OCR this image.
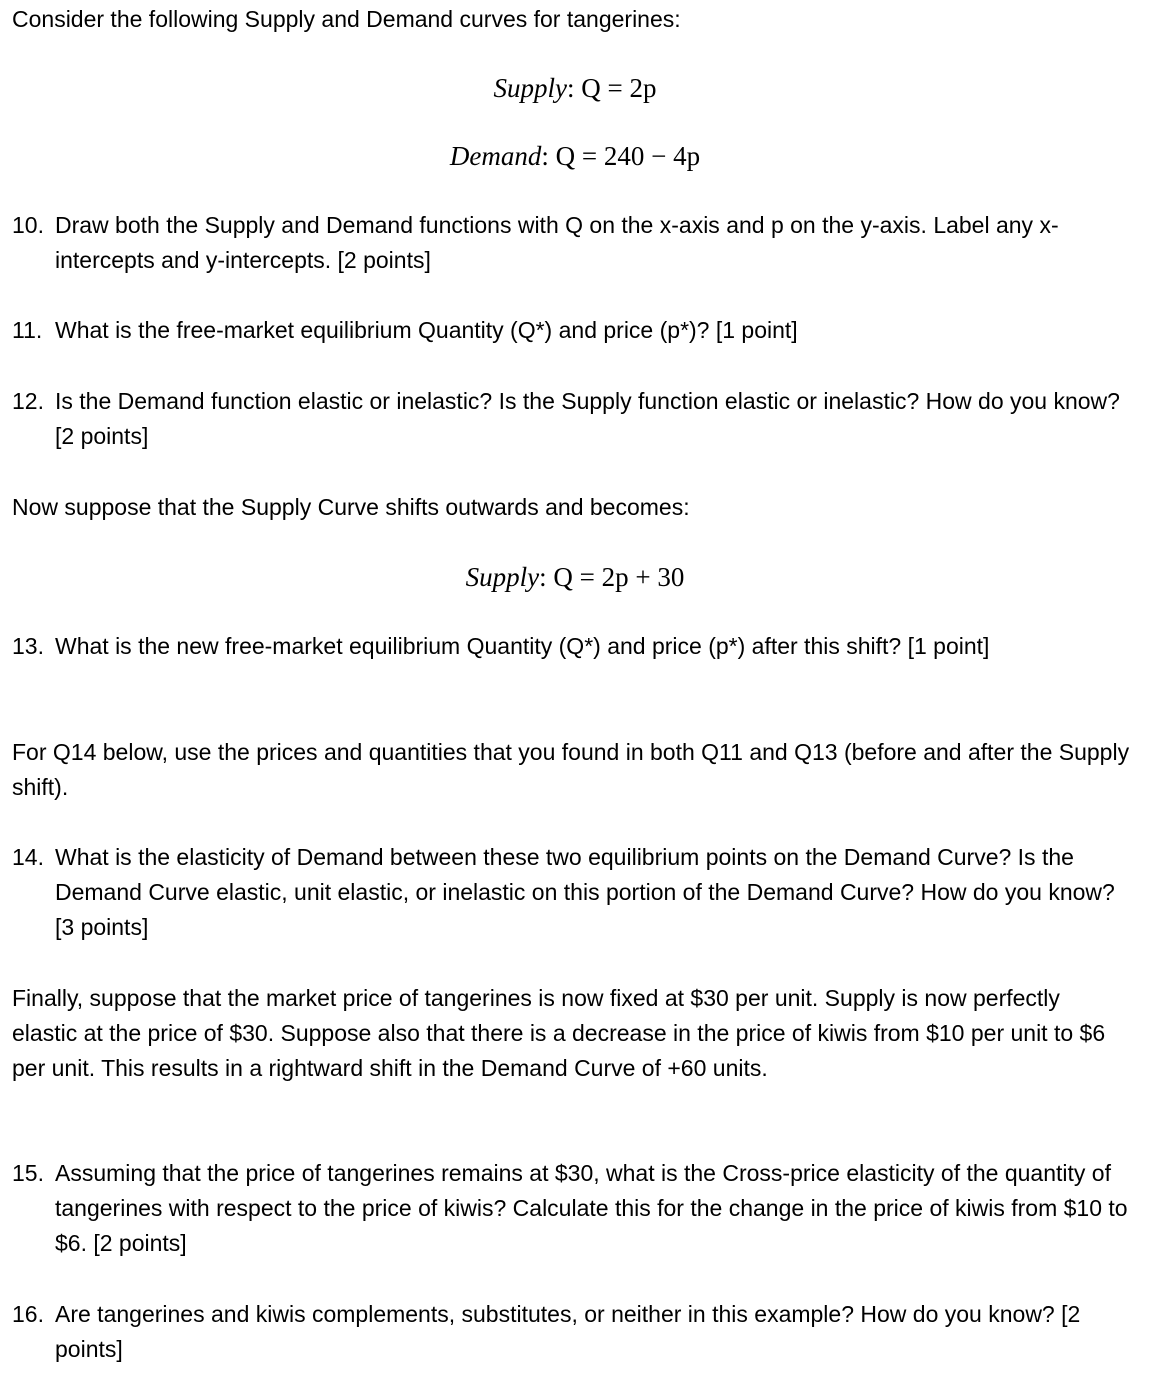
Consider the following Supply and Demand curves for tangerines:
Supply: Q = 2p
Demand: Q = 240 − 4p
10. Draw both the Supply and Demand functions with Q on the x-axis and p on the y-axis. Label any x-intercepts and y-intercepts. [2 points]
11. What is the free-market equilibrium Quantity (Q*) and price (p*)? [1 point]
12. Is the Demand function elastic or inelastic? Is the Supply function elastic or inelastic? How do you know? [2 points]
Now suppose that the Supply Curve shifts outwards and becomes:
Supply: Q = 2p + 30
13. What is the new free-market equilibrium Quantity (Q*) and price (p*) after this shift? [1 point]
For Q14 below, use the prices and quantities that you found in both Q11 and Q13 (before and after the Supply shift).
14. What is the elasticity of Demand between these two equilibrium points on the Demand Curve? Is the Demand Curve elastic, unit elastic, or inelastic on this portion of the Demand Curve? How do you know? [3 points]
Finally, suppose that the market price of tangerines is now fixed at $30 per unit. Supply is now perfectly elastic at the price of $30. Suppose also that there is a decrease in the price of kiwis from $10 per unit to $6 per unit. This results in a rightward shift in the Demand Curve of +60 units.
15. Assuming that the price of tangerines remains at $30, what is the Cross-price elasticity of the quantity of tangerines with respect to the price of kiwis? Calculate this for the change in the price of kiwis from $10 to $6. [2 points]
16. Are tangerines and kiwis complements, substitutes, or neither in this example? How do you know? [2 points]
